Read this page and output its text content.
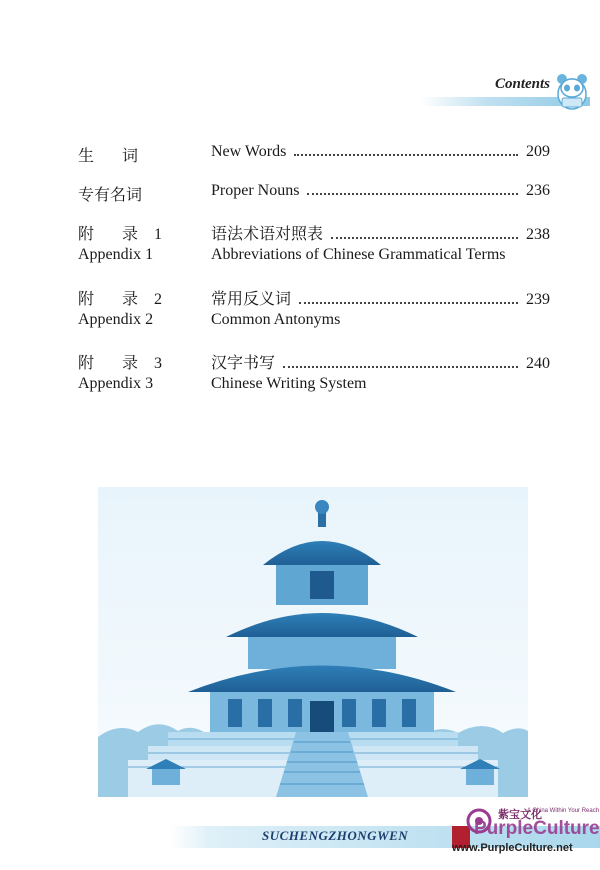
Contents
生　词	New Words	209
专有名词	Proper Nouns	236
附　录 1	语法术语对照表	238
Appendix 1	Abbreviations of Chinese Grammatical Terms
附　录 2	常用反义词	239
Appendix 2	Common Antonyms
附　录 3	汉字书写	240
Appendix 3	Chinese Writing System
SUCHENGZHONGWEN
紫宝文化
A China Within Your Reach
PurpleCulture
www.PurpleCulture.net
